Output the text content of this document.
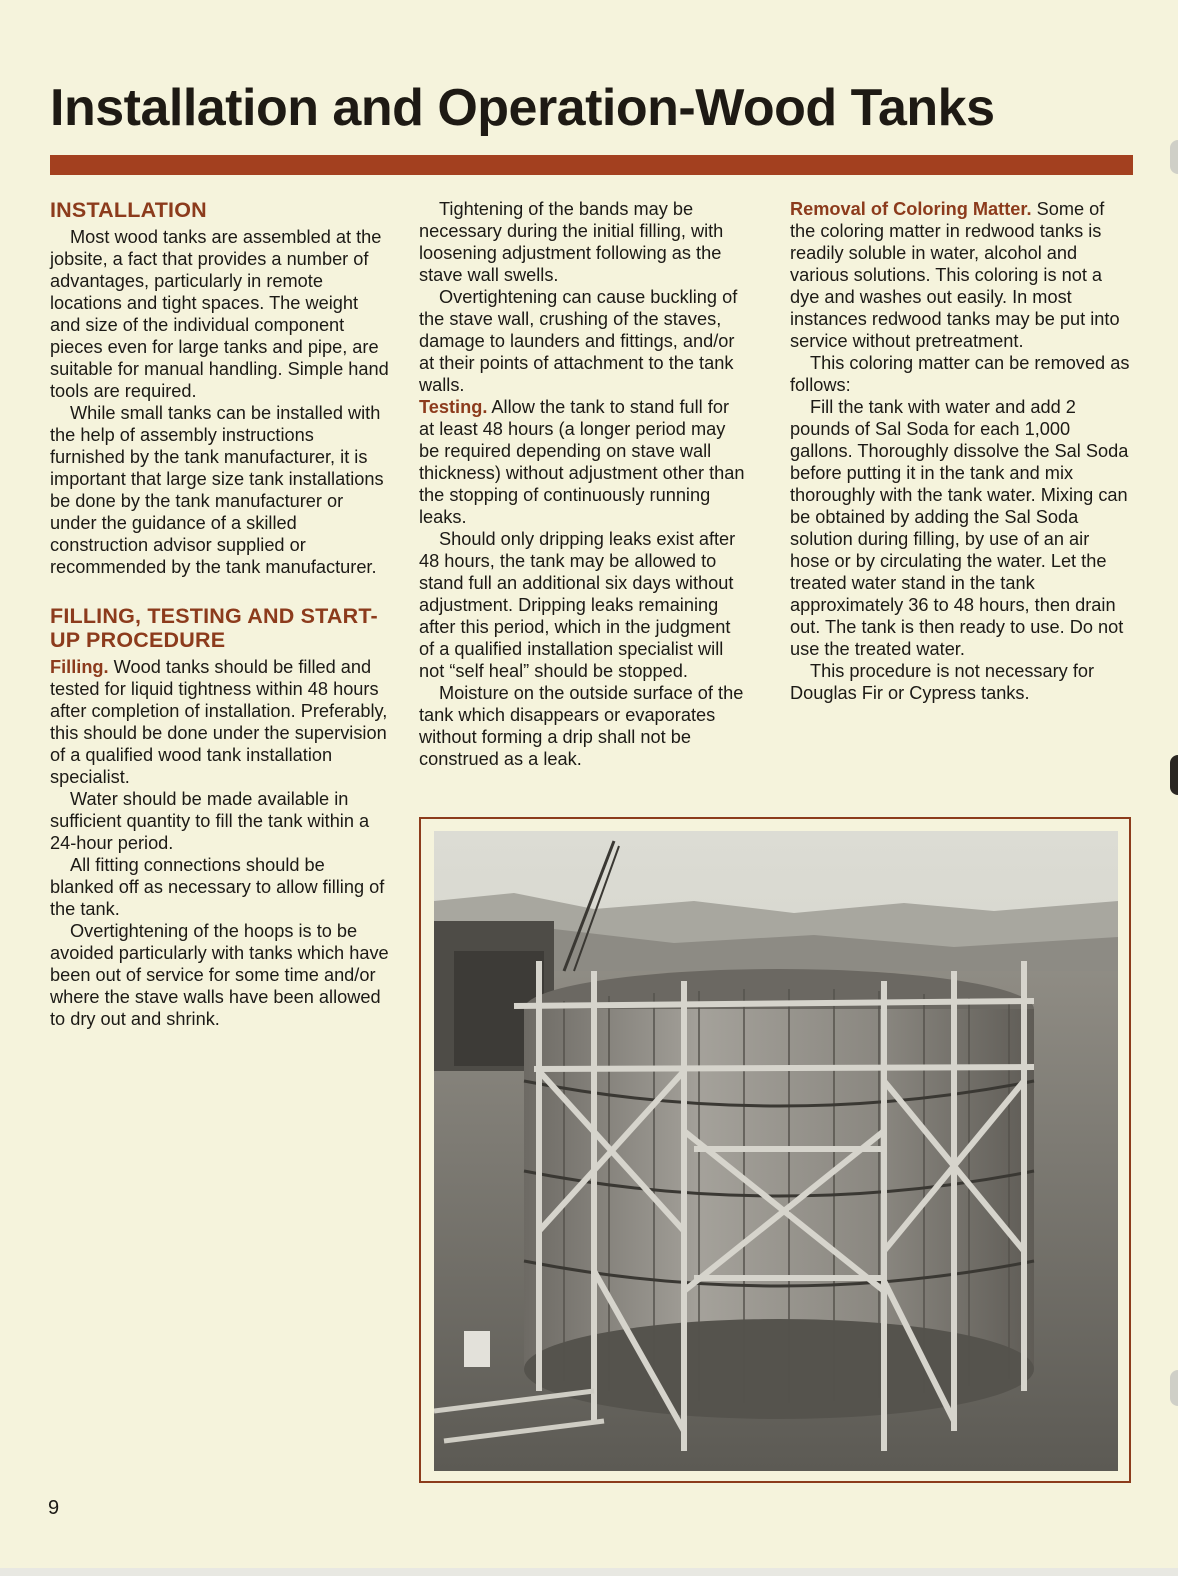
Installation and Operation-Wood Tanks
INSTALLATION

Most wood tanks are assembled at the jobsite, a fact that provides a number of advantages, particularly in remote locations and tight spaces. The weight and size of the individual component pieces even for large tanks and pipe, are suitable for manual handling. Simple hand tools are required.

While small tanks can be installed with the help of assembly instructions furnished by the tank manufacturer, it is important that large size tank installations be done by the tank manufacturer or under the guidance of a skilled construction advisor supplied or recommended by the tank manufacturer.

FILLING, TESTING AND START-UP PROCEDURE

Filling. Wood tanks should be filled and tested for liquid tightness within 48 hours after completion of installation. Preferably, this should be done under the supervision of a qualified wood tank installation specialist.

Water should be made available in sufficient quantity to fill the tank within a 24-hour period.

All fitting connections should be blanked off as necessary to allow filling of the tank.

Overtightening of the hoops is to be avoided particularly with tanks which have been out of service for some time and/or where the stave walls have been allowed to dry out and shrink.

Tightening of the bands may be necessary during the initial filling, with loosening adjustment following as the stave wall swells.

Overtightening can cause buckling of the stave wall, crushing of the staves, damage to launders and fittings, and/or at their points of attachment to the tank walls.

Testing. Allow the tank to stand full for at least 48 hours (a longer period may be required depending on stave wall thickness) without adjustment other than the stopping of continuously running leaks.

Should only dripping leaks exist after 48 hours, the tank may be allowed to stand full an additional six days without adjustment. Dripping leaks remaining after this period, which in the judgment of a qualified installation specialist will not “self heal” should be stopped.

Moisture on the outside surface of the tank which disappears or evaporates without forming a drip shall not be construed as a leak.

Removal of Coloring Matter. Some of the coloring matter in redwood tanks is readily soluble in water, alcohol and various solutions. This coloring is not a dye and washes out easily. In most instances redwood tanks may be put into service without pretreatment.

This coloring matter can be removed as follows:

Fill the tank with water and add 2 pounds of Sal Soda for each 1,000 gallons. Thoroughly dissolve the Sal Soda before putting it in the tank and mix thoroughly with the tank water. Mixing can be obtained by adding the Sal Soda solution during filling, by use of an air hose or by circulating the water. Let the treated water stand in the tank approximately 36 to 48 hours, then drain out. The tank is then ready to use. Do not use the treated water.

This procedure is not necessary for Douglas Fir or Cypress tanks.

9
